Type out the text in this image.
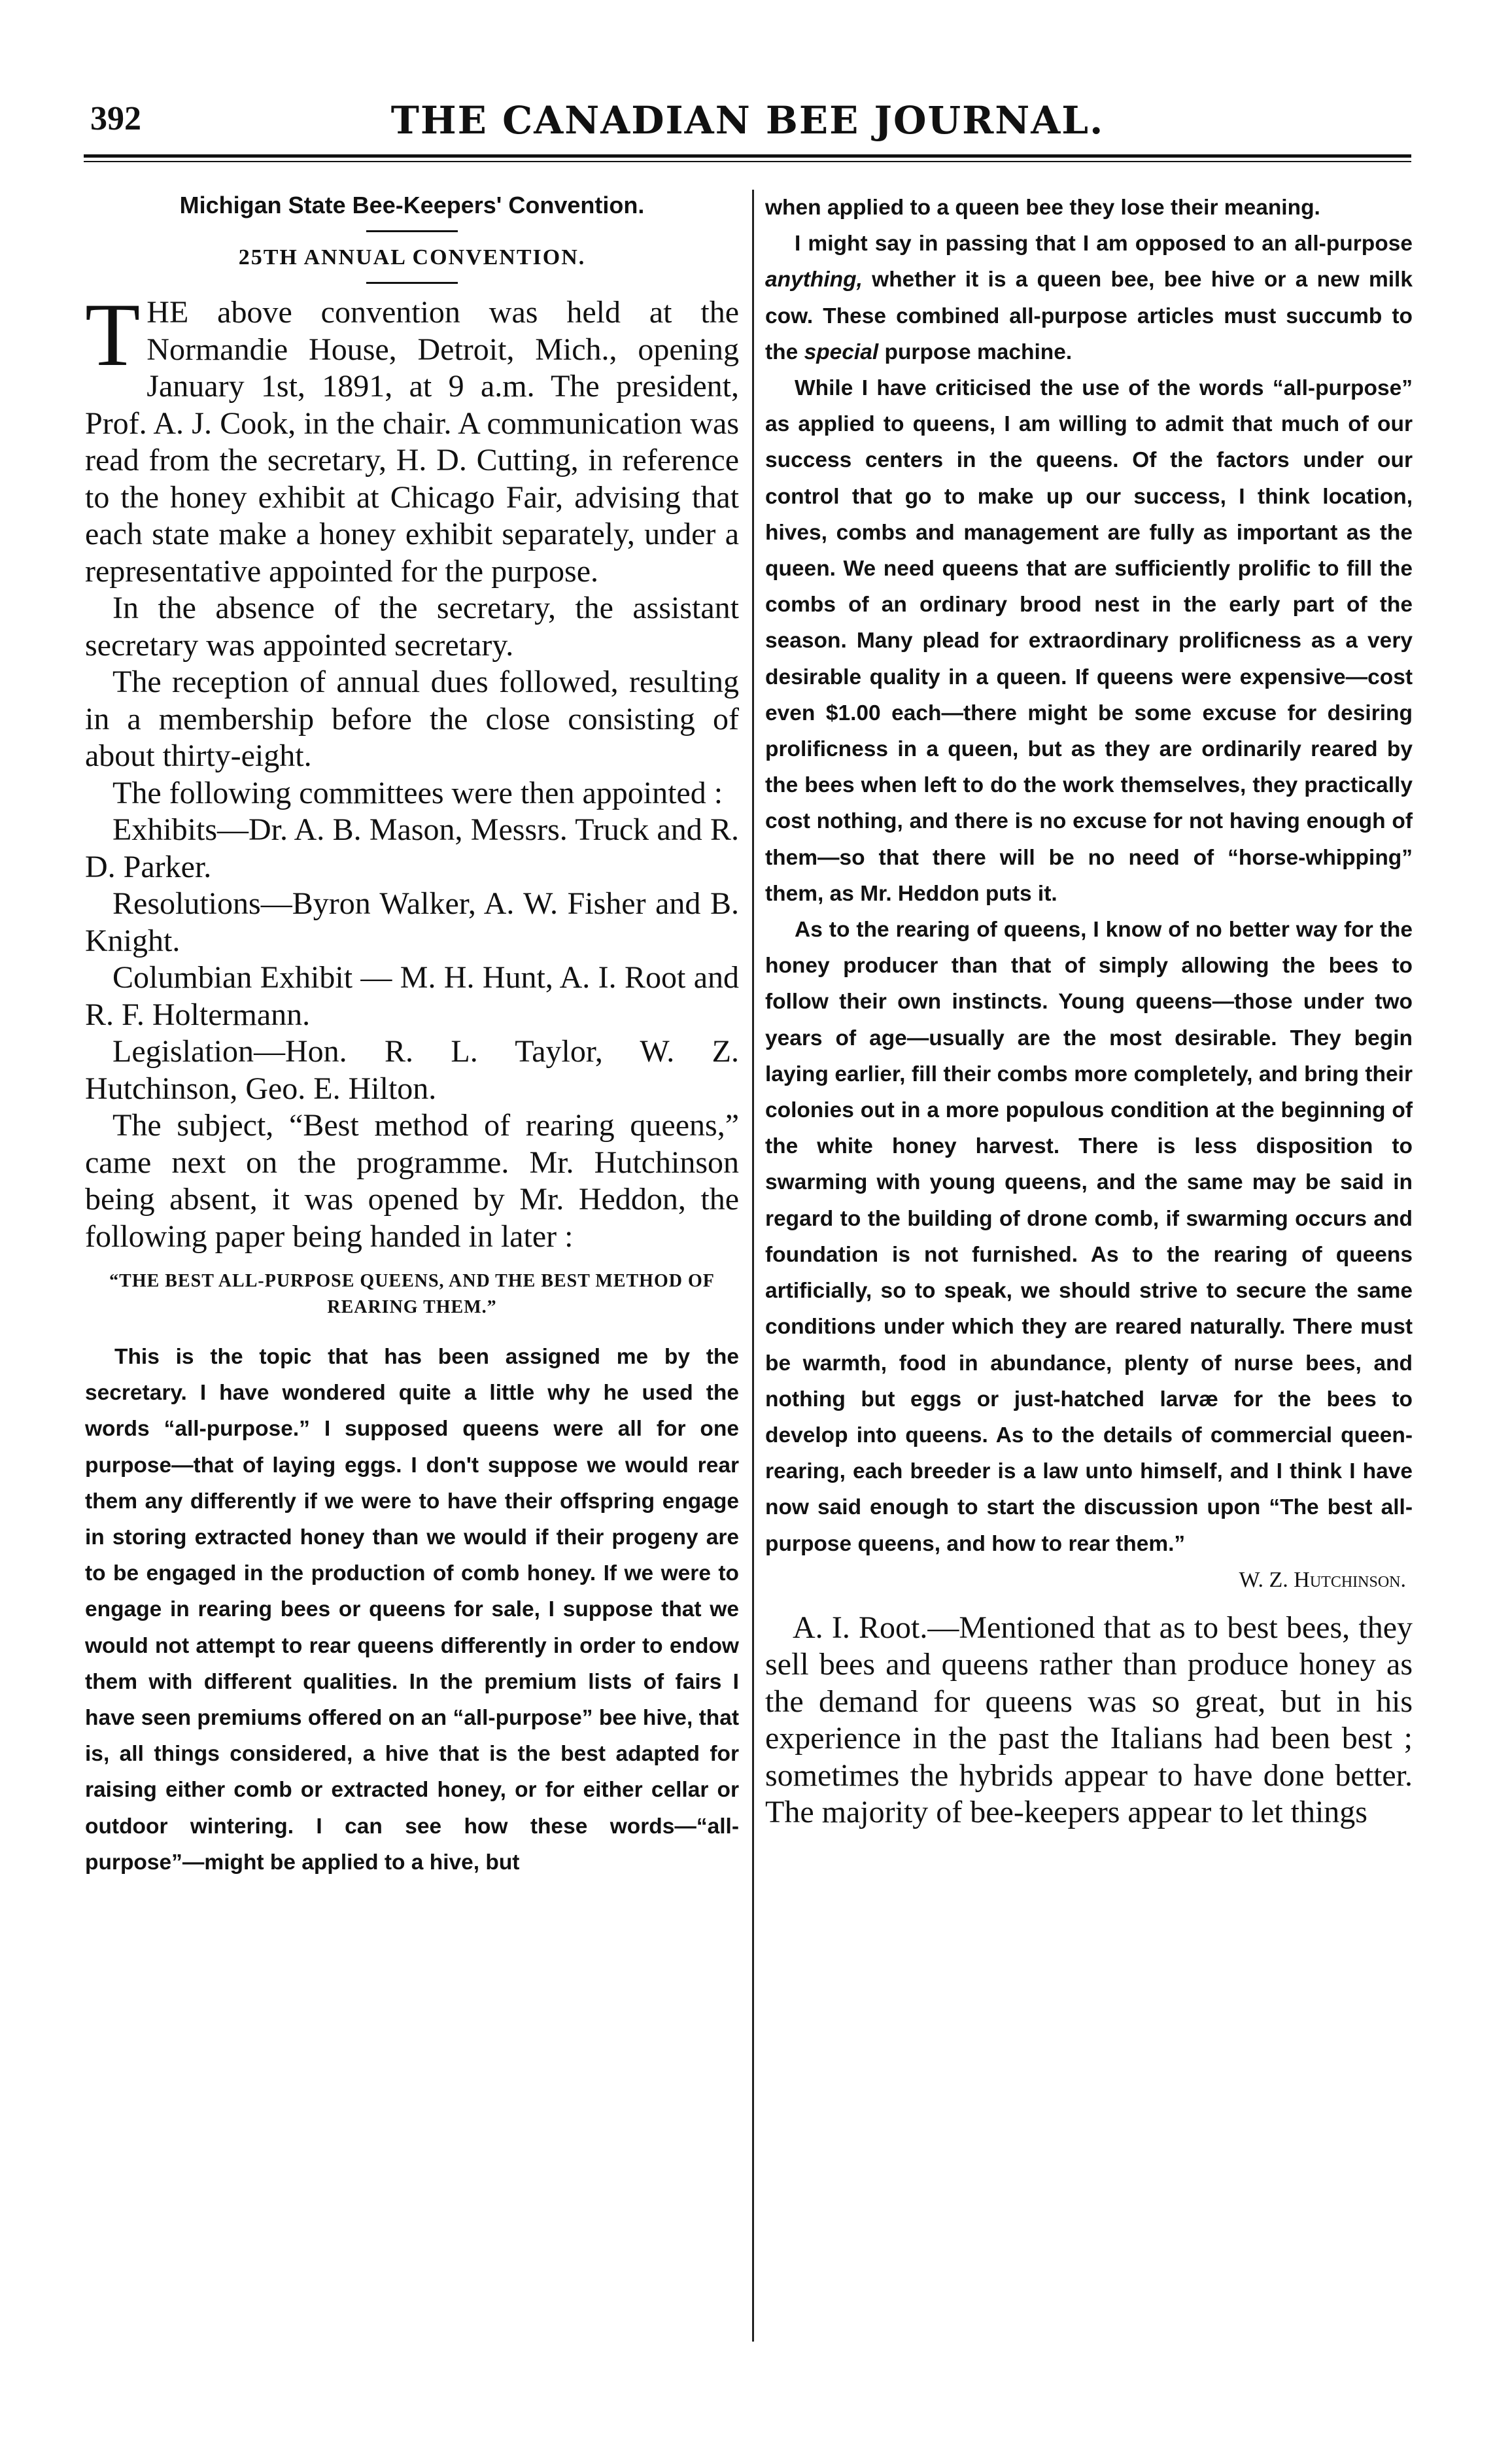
392	THE CANADIAN BEE JOURNAL.
Michigan State Bee-Keepers' Convention.
25TH ANNUAL CONVENTION.

THE above convention was held at the Normandie House, Detroit, Mich., opening January 1st, 1891, at 9 a.m. The president, Prof. A. J. Cook, in the chair. A communication was read from the secretary, H. D. Cutting, in reference to the honey exhibit at Chicago Fair, advising that each state make a honey exhibit separately, under a representative appointed for the purpose.

In the absence of the secretary, the assistant secretary was appointed secretary.

The reception of annual dues followed, resulting in a membership before the close consisting of about thirty-eight.

The following committees were then appointed :

Exhibits—Dr. A. B. Mason, Messrs. Truck and R. D. Parker.

Resolutions—Byron Walker, A. W. Fisher and B. Knight.

Columbian Exhibit — M. H. Hunt, A. I. Root and R. F. Holtermann.

Legislation—Hon. R. L. Taylor, W. Z. Hutchinson, Geo. E. Hilton.

The subject, “Best method of rearing queens,” came next on the programme. Mr. Hutchinson being absent, it was opened by Mr. Heddon, the following paper being handed in later :

“THE BEST ALL-PURPOSE QUEENS, AND THE BEST METHOD OF REARING THEM.”

This is the topic that has been assigned me by the secretary. I have wondered quite a little why he used the words “all-purpose.” I supposed queens were all for one purpose—that of laying eggs. I don't suppose we would rear them any differently if we were to have their offspring engage in storing extracted honey than we would if their progeny are to be engaged in the production of comb honey. If we were to engage in rearing bees or queens for sale, I suppose that we would not attempt to rear queens differently in order to endow them with different qualities. In the premium lists of fairs I have seen premiums offered on an “all-purpose” bee hive, that is, all things considered, a hive that is the best adapted for raising either comb or extracted honey, or for either cellar or outdoor wintering. I can see how these words—“all-purpose”—might be applied to a hive, but

when applied to a queen bee they lose their meaning.

I might say in passing that I am opposed to an all-purpose anything, whether it is a queen bee, bee hive or a new milk cow. These combined all-purpose articles must succumb to the special purpose machine.

While I have criticised the use of the words “all-purpose” as applied to queens, I am willing to admit that much of our success centers in the queens. Of the factors under our control that go to make up our success, I think location, hives, combs and management are fully as important as the queen. We need queens that are sufficiently prolific to fill the combs of an ordinary brood nest in the early part of the season. Many plead for extraordinary prolificness as a very desirable quality in a queen. If queens were expensive—cost even $1.00 each—there might be some excuse for desiring prolificness in a queen, but as they are ordinarily reared by the bees when left to do the work themselves, they practically cost nothing, and there is no excuse for not having enough of them—so that there will be no need of “horse-whipping” them, as Mr. Heddon puts it.

As to the rearing of queens, I know of no better way for the honey producer than that of simply allowing the bees to follow their own instincts. Young queens—those under two years of age—usually are the most desirable. They begin laying earlier, fill their combs more completely, and bring their colonies out in a more populous condition at the beginning of the white honey harvest. There is less disposition to swarming with young queens, and the same may be said in regard to the building of drone comb, if swarming occurs and foundation is not furnished. As to the rearing of queens artificially, so to speak, we should strive to secure the same conditions under which they are reared naturally. There must be warmth, food in abundance, plenty of nurse bees, and nothing but eggs or just-hatched larvæ for the bees to develop into queens. As to the details of commercial queen-rearing, each breeder is a law unto himself, and I think I have now said enough to start the discussion upon “The best all-purpose queens, and how to rear them.”

W. Z. Hutchinson.

A. I. Root.—Mentioned that as to best bees, they sell bees and queens rather than produce honey as the demand for queens was so great, but in his experience in the past the Italians had been best ; sometimes the hybrids appear to have done better. The majority of bee-keepers appear to let things
